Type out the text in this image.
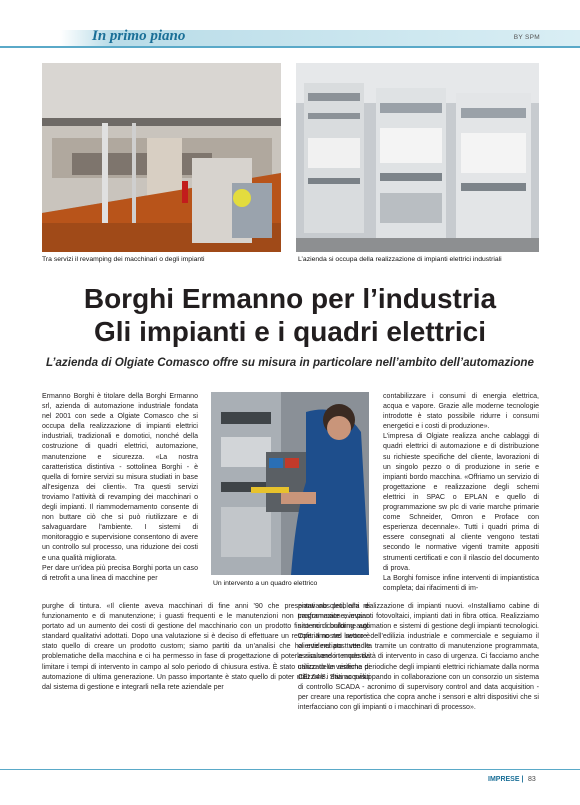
In primo piano	BY SPM
Tra servizi il revamping dei macchinari o degli impianti	L’azienda si occupa della realizzazione di impianti elettrici industriali
Borghi Ermanno per l’industria
Gli impianti e i quadri elettrici
L’azienda di Olgiate Comasco offre su misura in particolare nell’ambito dell’automazione

Ermanno Borghi è titolare della Borghi Ermanno srl, azienda di automazione industriale fondata nel 2001 con sede a Olgiate Comasco che si occupa della realizzazione di impianti elettrici industriali, tradizionali e domotici, nonché della costruzione di quadri elettrici, automazione, manutenzione e sicurezza. «La nostra caratteristica distintiva - sottolinea Borghi - è quella di fornire servizi su misura studiati in base all’esigenza dei clienti». Tra questi servizi troviamo l’attività di revamping dei macchinari o degli impianti. Il riammodernamento consente di non buttare ciò che si può riutilizzare e di salvaguardare l’ambiente. I sistemi di monitoraggio e supervisione consentono di avere un controllo sul processo, una riduzione dei costi e una qualità migliorata.

Per dare un’idea più precisa Borghi porta un caso di retrofit a una linea di macchine per

Un intervento a un quadro elettrico

contabilizzare i consumi di energia elettrica, acqua e vapore. Grazie alle moderne tecnologie introdotte è stato possibile ridurre i consumi energetici e i costi di produzione».

L’impresa di Olgiate realizza anche cablaggi di quadri elettrici di automazione e di distribuzione su richieste specifiche del cliente, lavorazioni di un singolo pezzo o di produzione in serie e impianti bordo macchina. «Offriamo un servizio di progettazione e realizzazione degli schemi elettrici in SPAC o EPLAN e quello di programmazione sw plc di varie marche primarie come Schneider, Omron e Proface con esperienza decennale». Tutti i quadri prima di essere consegnati al cliente vengono testati secondo le normative vigenti tramite appositi strumenti certificati e con il rilascio del documento di prova.

La Borghi fornisce infine interventi di impiantistica completa; dai rifacimenti di im-

purghe di tintura. «Il cliente aveva macchinari di fine anni ’90 che presentavano problemi di funzionamento e di manutenzione; i guasti frequenti e le manutenzioni non programmate avevano portato ad un aumento dei costi di gestione del macchinario con un prodotto finito non conforme agli standard qualitativi adottati. Dopo una valutazione si è deciso di effettuare un retrofit. Il nostro lavoro è stato quello di creare un prodotto custom; siamo partiti da un’analisi che ha evidenziato tutte le problematiche della macchina e ci ha permesso in fase di progettazione di poterle risolvere in modo da limitare i tempi di intervento in campo al solo periodo di chiusura estiva. È stato utilizzato un sistema di automazione di ultima generazione. Un passo importante è stato quello di poter utilizzare i dati acquisiti dal sistema di gestione e integrarli nella rete aziendale per

pianti obsoleti, alla realizzazione di impianti nuovi. «Installiamo cabine di trasformazione, impianti fotovoltaici, impianti dati in fibra ottica. Realizziamo sistemi di building automation e sistemi di gestione degli impianti tecnologici. Operiamo nel settore dell’edilizia industriale e commerciale e seguiamo il cliente nel post vendita tramite un contratto di manutenzione programmata, assicurando tempestività di intervento in caso di urgenza. Ci facciamo anche carico delle verifiche periodiche degli impianti elettrici richiamate dalla norma CEI 64/8. Stiamo sviluppando in collaborazione con un consorzio un sistema di controllo SCADA - acronimo di supervisory control and data acquisition - per creare una reportistica che copra anche i sensori e altri dispositivi che si interfacciano con gli impianti o i macchinari di processo».

IMPRESE | 83
